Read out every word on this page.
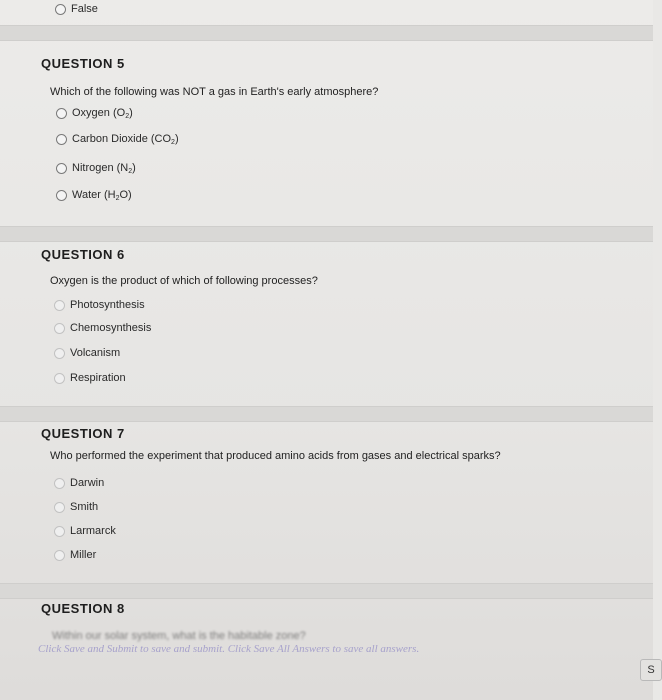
False
QUESTION 5
Which of the following was NOT a gas in Earth's early atmosphere?
Oxygen $(O_2)$
Carbon Dioxide $(CO_2)$
Nitrogen $(N_2)$
Water $(H_2O)$
QUESTION 6
Oxygen is the product of which of following processes?
Photosynthesis
Chemosynthesis
Volcanism
Respiration
QUESTION 7
Who performed the experiment that produced amino acids from gases and electrical sparks?
Darwin
Smith
Larmarck
Miller
QUESTION 8
Within our solar system, what is the habitable zone?
Click Save and Submit to save and submit. Click Save All Answers to save all answers.
S
